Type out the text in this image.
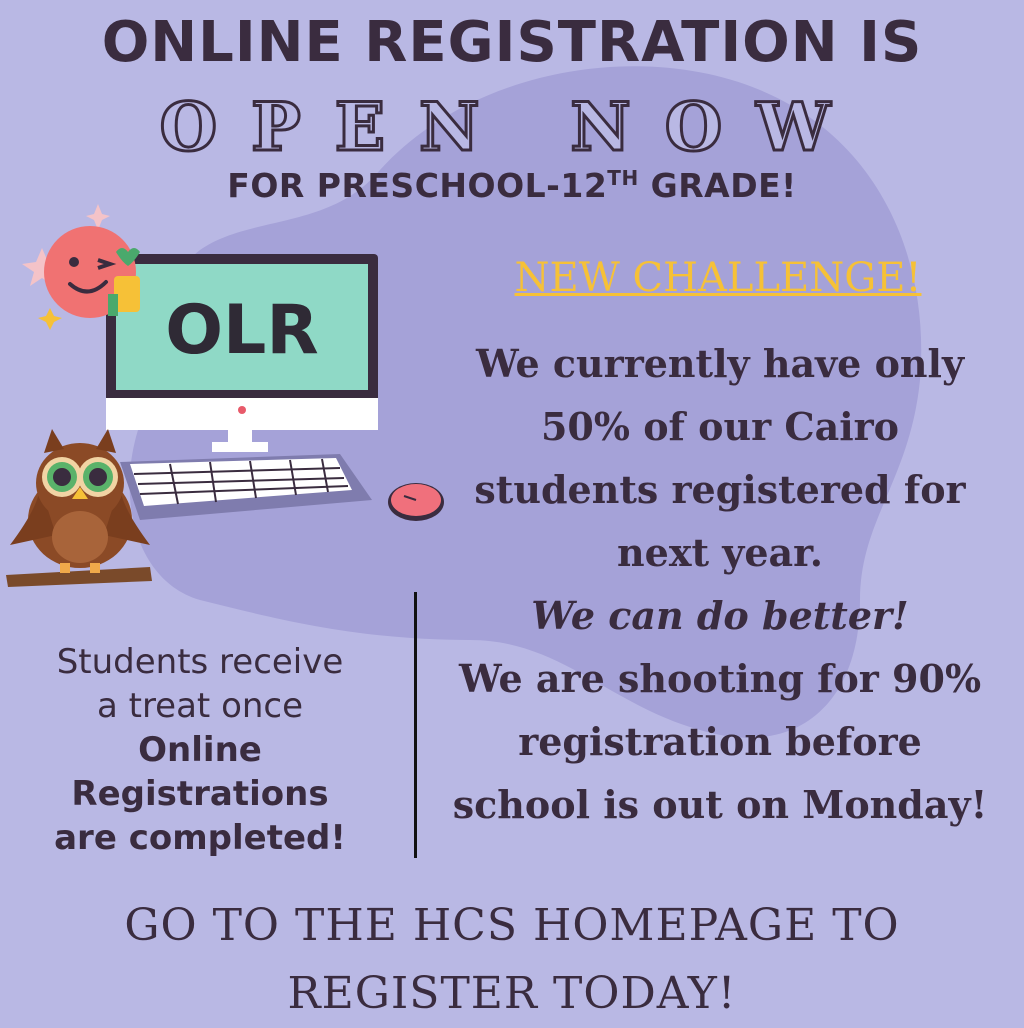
ONLINE REGISTRATION IS
OPEN NOW
FOR PRESCHOOL-12TH GRADE!
OLR
NEW CHALLENGE!
We currently have only
50% of our Cairo
students registered for
next year.
We can do better!
We are shooting for 90%
registration before
school is out on Monday!
Students receive
a treat once
Online
Registrations
are completed!
GO TO THE HCS HOMEPAGE TO
REGISTER TODAY!
